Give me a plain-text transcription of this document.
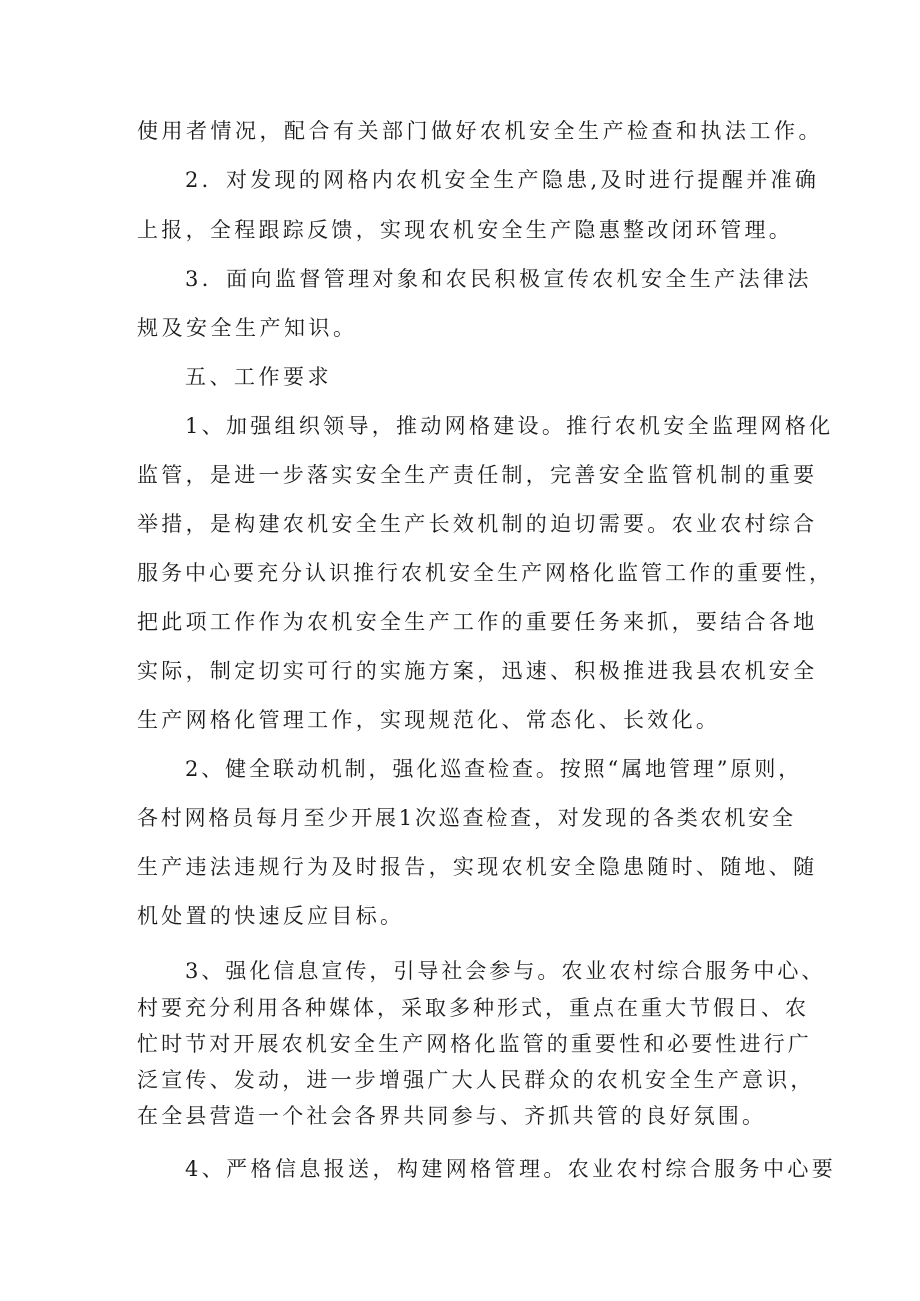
使用者情况，配合有关部门做好农机安全生产检查和执法工作。
2．对发现的网格内农机安全生产隐患,及时进行提醒并准确
上报，全程跟踪反馈，实现农机安全生产隐惠整改闭环管理。
3．面向监督管理对象和农民积极宣传农机安全生产法律法
规及安全生产知识。
五、工作要求
1、加强组织领导，推动网格建设。推行农机安全监理网格化
监管，是进一步落实安全生产责任制，完善安全监管机制的重要
举措，是构建农机安全生产长效机制的迫切需要。农业农村综合
服务中心要充分认识推行农机安全生产网格化监管工作的重要性，
把此项工作作为农机安全生产工作的重要任务来抓，要结合各地
实际，制定切实可行的实施方案，迅速、积极推进我县农机安全
生产网格化管理工作，实现规范化、常态化、长效化。
2、健全联动机制，强化巡查检查。按照“属地管理”原则，
各村网格员每月至少开展1次巡查检查，对发现的各类农机安全
生产违法违规行为及时报告，实现农机安全隐患随时、随地、随
机处置的快速反应目标。
3、强化信息宣传，引导社会参与。农业农村综合服务中心、
村要充分利用各种媒体，采取多种形式，重点在重大节假日、农
忙时节对开展农机安全生产网格化监管的重要性和必要性进行广
泛宣传、发动，进一步增强广大人民群众的农机安全生产意识，
在全县营造一个社会各界共同参与、齐抓共管的良好氛围。
4、严格信息报送，构建网格管理。农业农村综合服务中心要
